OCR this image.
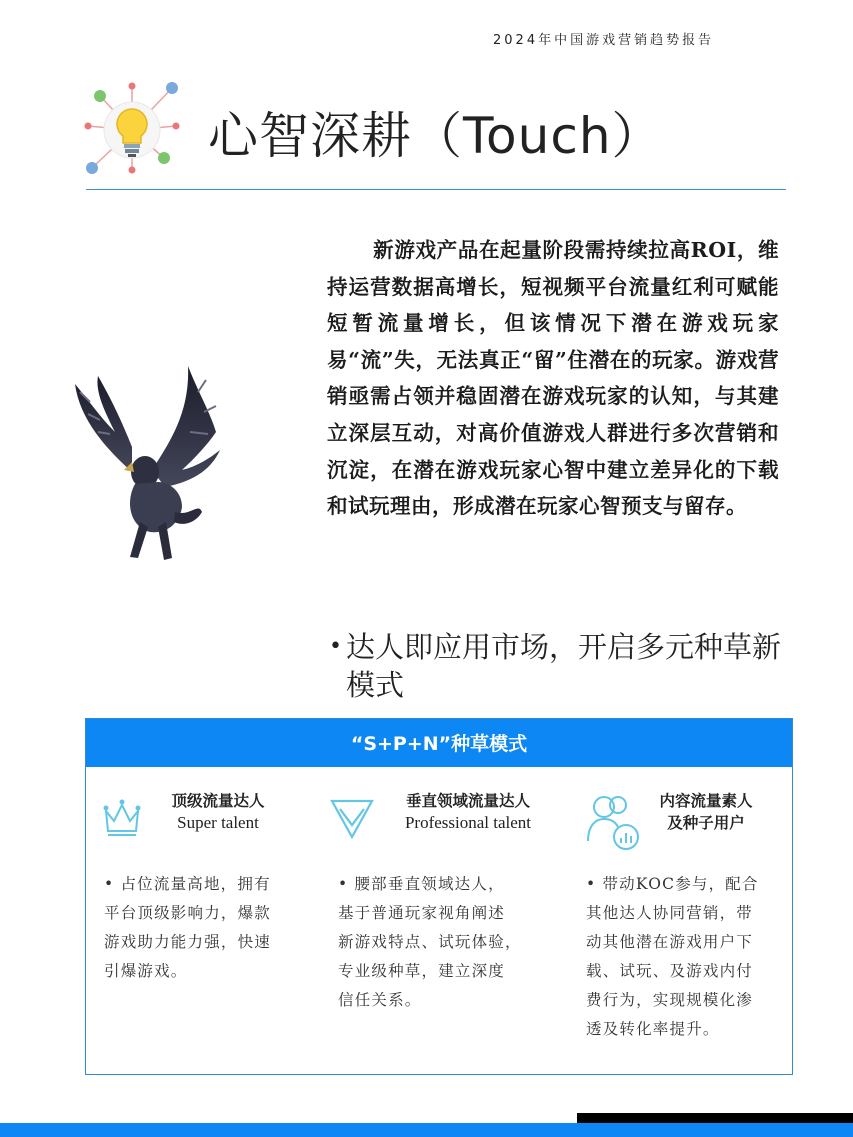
2024年中国游戏营销趋势报告
心智深耕（Touch）
新游戏产品在起量阶段需持续拉高ROI，维持运营数据高增长，短视频平台流量红利可赋能短暂流量增长，但该情况下潜在游戏玩家易“流”失，无法真正“留”住潜在的玩家。游戏营销亟需占领并稳固潜在游戏玩家的认知，与其建立深层互动，对高价值游戏人群进行多次营销和沉淀，在潜在游戏玩家心智中建立差异化的下载和试玩理由，形成潜在玩家心智预支与留存。
• 达人即应用市场，开启多元种草新模式
“S+P+N”种草模式
顶级流量达人
Super talent
• 占位流量高地，拥有
平台顶级影响力，爆款
游戏助力能力强，快速
引爆游戏。
垂直领域流量达人
Professional talent
• 腰部垂直领域达人，
基于普通玩家视角阐述
新游戏特点、试玩体验，
专业级种草，建立深度
信任关系。
内容流量素人
及种子用户
• 带动KOC参与，配合
其他达人协同营销，带
动其他潜在游戏用户下
载、试玩、及游戏内付
费行为，实现规模化渗
透及转化率提升。
